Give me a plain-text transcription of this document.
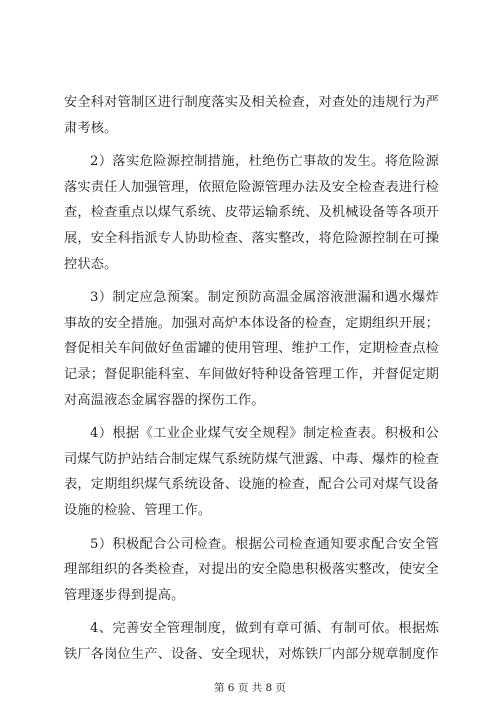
安全科对管制区进行制度落实及相关检查，对查处的违规行为严肃考核。

2）落实危险源控制措施，杜绝伤亡事故的发生。将危险源落实责任人加强管理，依照危险源管理办法及安全检查表进行检查，检查重点以煤气系统、皮带运输系统、及机械设备等各项开展，安全科指派专人协助检查、落实整改，将危险源控制在可操控状态。

3）制定应急预案。制定预防高温金属溶液泄漏和遇水爆炸事故的安全措施。加强对高炉本体设备的检查，定期组织开展；督促相关车间做好鱼雷罐的使用管理、维护工作，定期检查点检记录；督促职能科室、车间做好特种设备管理工作，并督促定期对高温液态金属容器的探伤工作。

4）根据《工业企业煤气安全规程》制定检查表。积极和公司煤气防护站结合制定煤气系统防煤气泄露、中毒、爆炸的检查表，定期组织煤气系统设备、设施的检查，配合公司对煤气设备设施的检验、管理工作。

5）积极配合公司检查。根据公司检查通知要求配合安全管理部组织的各类检查，对提出的安全隐患积极落实整改，使安全管理逐步得到提高。

4、完善安全管理制度，做到有章可循、有制可依。根据炼铁厂各岗位生产、设备、安全现状，对炼铁厂内部分规章制度作

第 6 页 共 8 页
